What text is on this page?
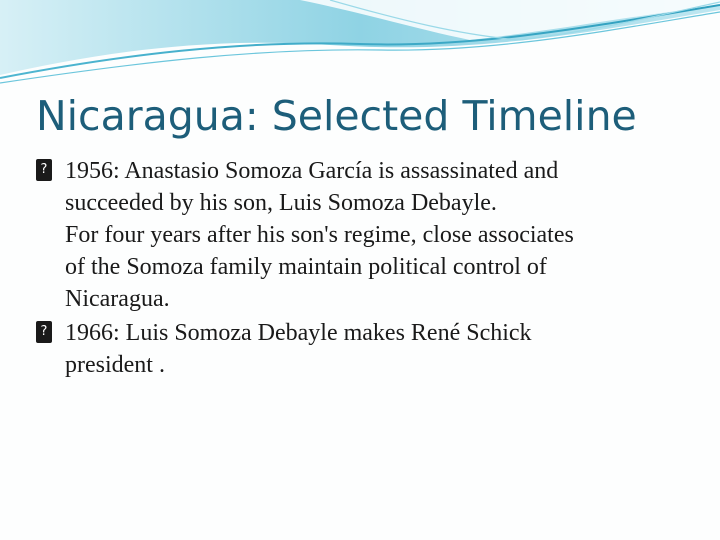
Nicaragua: Selected Timeline
? 1956: Anastasio Somoza García is assassinated and
succeeded by his son, Luis Somoza Debayle.
For four years after his son's regime, close associates
of the Somoza family maintain political control of
Nicaragua.
? 1966: Luis Somoza Debayle makes René Schick
president .
